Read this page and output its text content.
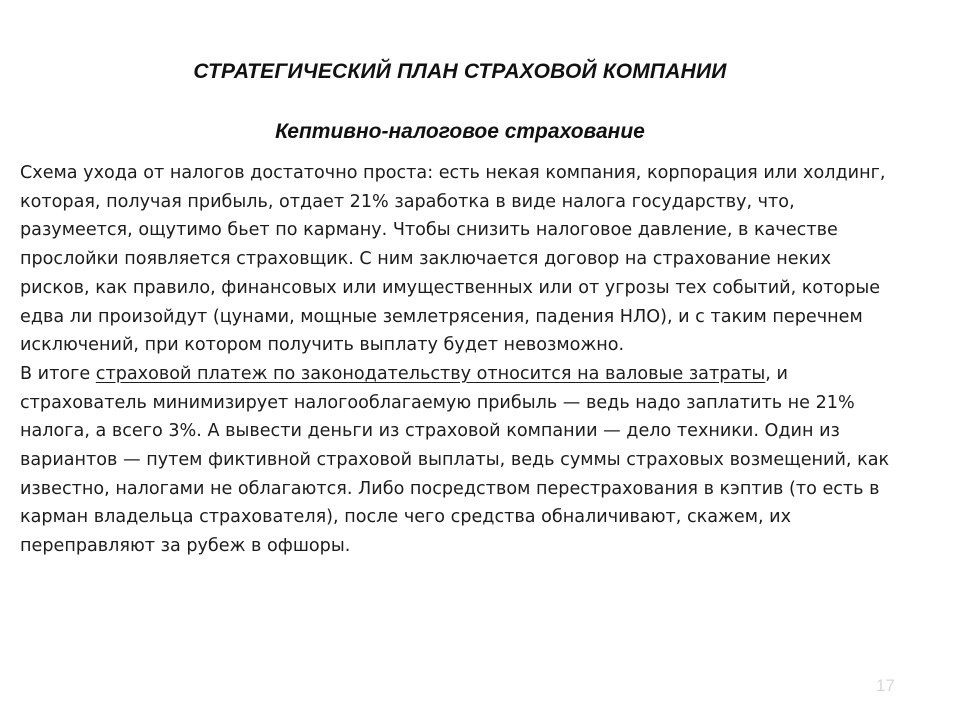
СТРАТЕГИЧЕСКИЙ ПЛАН СТРАХОВОЙ КОМПАНИИ
Кептивно-налоговое страхование

Схема ухода от налогов достаточно проста: есть некая компания, корпорация или холдинг, которая, получая прибыль, отдает 21% заработка в виде налога государству, что, разумеется, ощутимо бьет по карману. Чтобы снизить налоговое давление, в качестве прослойки появляется страховщик. С ним заключается договор на страхование неких рисков, как правило, финансовых или имущественных или от угрозы тех событий, которые едва ли произойдут (цунами, мощные землетрясения, падения НЛО), и с таким перечнем исключений, при котором получить выплату будет невозможно.

В итоге страховой платеж по законодательству относится на валовые затраты, и страхователь минимизирует налогооблагаемую прибыль — ведь надо заплатить не 21% налога, а всего 3%. А вывести деньги из страховой компании — дело техники. Один из вариантов — путем фиктивной страховой выплаты, ведь суммы страховых возмещений, как известно, налогами не облагаются. Либо посредством перестрахования в кэптив (то есть в карман владельца страхователя), после чего средства обналичивают, скажем, их переправляют за рубеж в офшоры.

17
